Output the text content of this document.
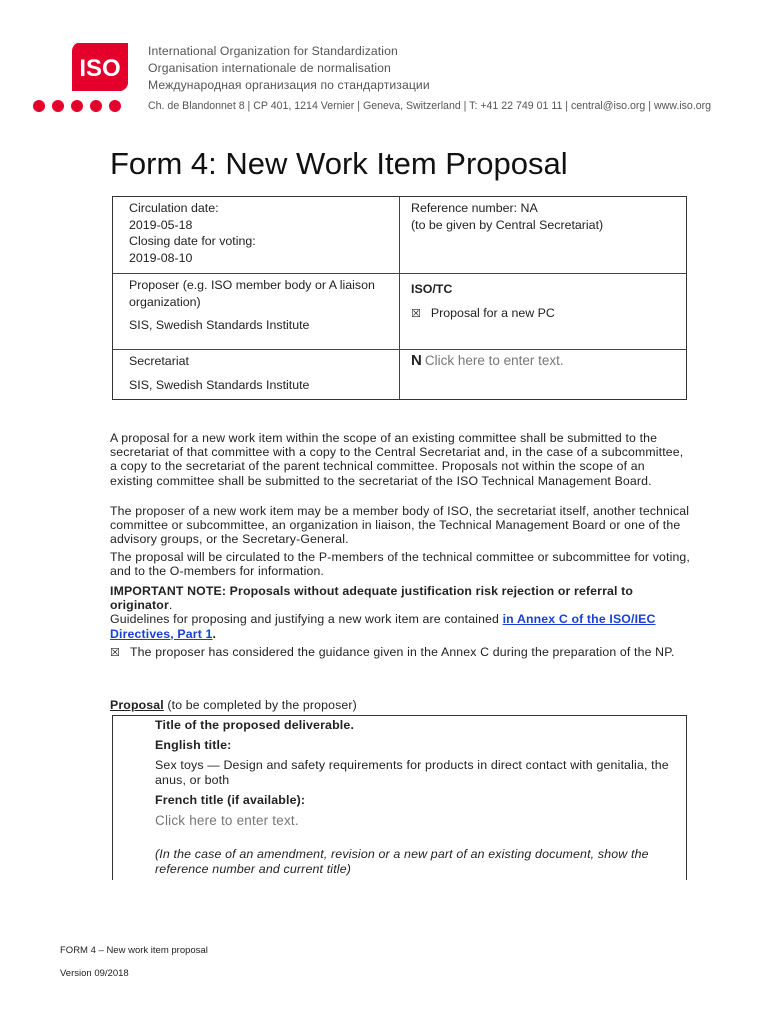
ISO
International Organization for Standardization
Organisation internationale de normalisation
Международная организация по стандартизации
Ch. de Blandonnet 8 | CP 401, 1214 Vernier | Geneva, Switzerland | T: +41 22 749 01 11 | central@iso.org | www.iso.org
Form 4: New Work Item Proposal
Circulation date:
2019-05-18
Closing date for voting:
2019-08-10
Reference number: NA
(to be given by Central Secretariat)
Proposer (e.g. ISO member body or A liaison organization)
SIS, Swedish Standards Institute
ISO/TC
☒ Proposal for a new PC
Secretariat
SIS, Swedish Standards Institute
N Click here to enter text.
A proposal for a new work item within the scope of an existing committee shall be submitted to the secretariat of that committee with a copy to the Central Secretariat and, in the case of a subcommittee, a copy to the secretariat of the parent technical committee. Proposals not within the scope of an existing committee shall be submitted to the secretariat of the ISO Technical Management Board.
The proposer of a new work item may be a member body of ISO, the secretariat itself, another technical committee or subcommittee, an organization in liaison, the Technical Management Board or one of the advisory groups, or the Secretary-General.
The proposal will be circulated to the P-members of the technical committee or subcommittee for voting, and to the O-members for information.
IMPORTANT NOTE: Proposals without adequate justification risk rejection or referral to originator.
Guidelines for proposing and justifying a new work item are contained in Annex C of the ISO/IEC Directives, Part 1.
☒ The proposer has considered the guidance given in the Annex C during the preparation of the NP.
Proposal (to be completed by the proposer)
Title of the proposed deliverable.
English title:
Sex toys — Design and safety requirements for products in direct contact with genitalia, the anus, or both
French title (if available):
Click here to enter text.
(In the case of an amendment, revision or a new part of an existing document, show the reference number and current title)
FORM 4 – New work item proposal
Version 09/2018
